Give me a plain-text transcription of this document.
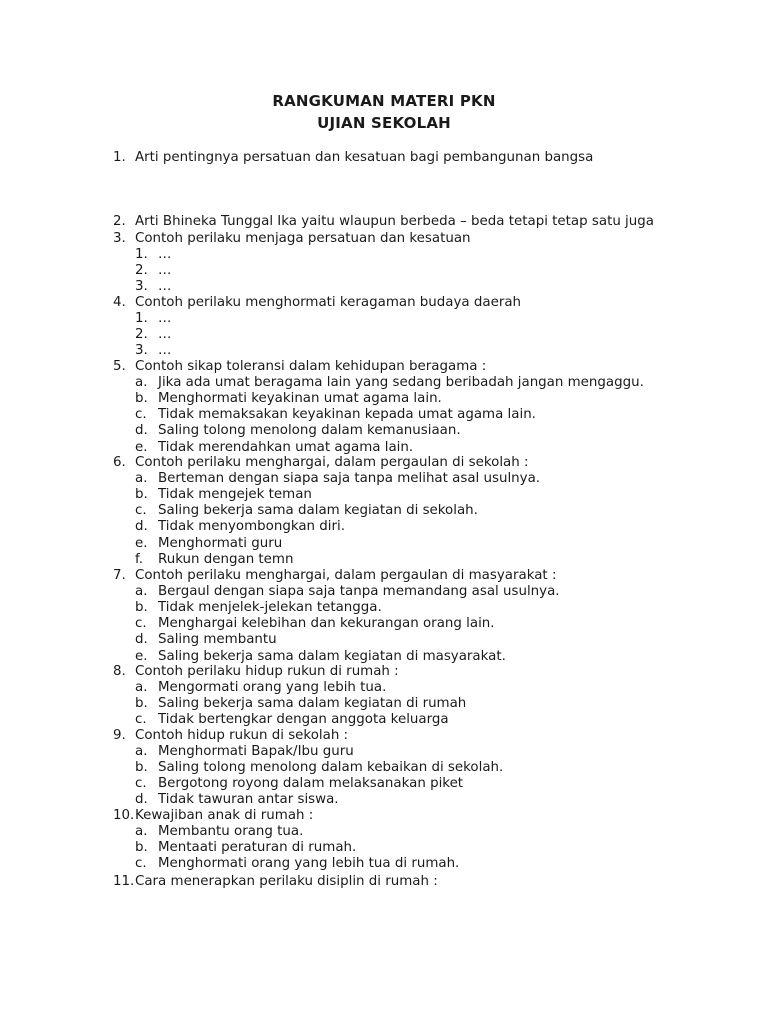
RANGKUMAN MATERI PKN
UJIAN SEKOLAH
1. Arti pentingnya persatuan dan kesatuan bagi pembangunan bangsa
2. Arti Bhineka Tunggal Ika yaitu wlaupun berbeda – beda tetapi tetap satu juga
3. Contoh perilaku menjaga persatuan dan kesatuan
1. …
2. …
3. …
4. Contoh perilaku menghormati keragaman budaya daerah
1. …
2. …
3. …
5. Contoh sikap toleransi dalam kehidupan beragama :
a. Jika ada umat beragama lain yang sedang beribadah jangan mengaggu.
b. Menghormati keyakinan umat agama lain.
c. Tidak memaksakan keyakinan kepada umat agama lain.
d. Saling tolong menolong dalam kemanusiaan.
e. Tidak merendahkan umat agama lain.
6. Contoh perilaku menghargai, dalam pergaulan di sekolah :
a. Berteman dengan siapa saja tanpa melihat asal usulnya.
b. Tidak mengejek teman
c. Saling bekerja sama dalam kegiatan di sekolah.
d. Tidak menyombongkan diri.
e. Menghormati guru
f.	Rukun dengan temn
7. Contoh perilaku menghargai, dalam pergaulan di masyarakat :
a. Bergaul dengan siapa saja tanpa memandang asal usulnya.
b. Tidak menjelek-jelekan tetangga.
c. Menghargai kelebihan dan kekurangan orang lain.
d. Saling membantu
e. Saling bekerja sama dalam kegiatan di masyarakat.
8. Contoh perilaku hidup rukun di rumah :
a. Mengormati orang yang lebih tua.
b. Saling bekerja sama dalam kegiatan di rumah
c. Tidak bertengkar dengan anggota keluarga
9. Contoh hidup rukun di sekolah :
a. Menghormati Bapak/Ibu guru
b. Saling tolong menolong dalam kebaikan di sekolah.
c. Bergotong royong dalam melaksanakan piket
d. Tidak tawuran antar siswa.
10. Kewajiban anak di rumah :
a. Membantu orang tua.
b. Mentaati peraturan di rumah.
c. Menghormati orang yang lebih tua di rumah.
11. Cara menerapkan perilaku disiplin di rumah :
